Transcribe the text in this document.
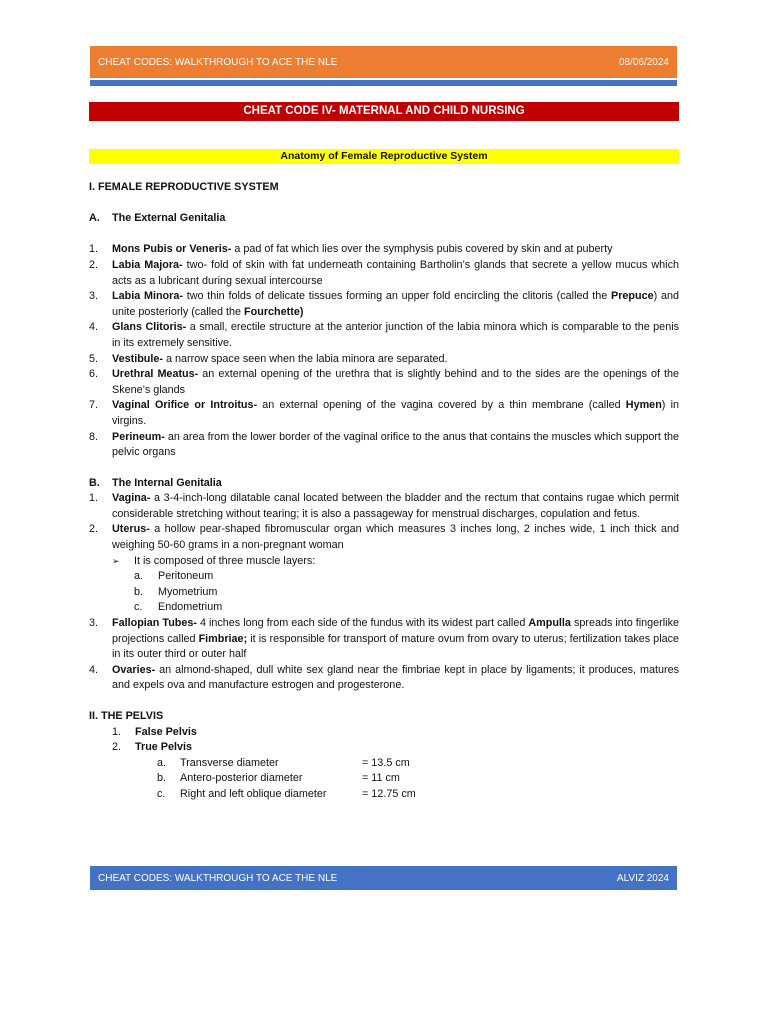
CHEAT CODES: WALKTHROUGH TO ACE THE NLE	08/06/2024
CHEAT CODE IV- MATERNAL AND CHILD NURSING
Anatomy of Female Reproductive System
I. FEMALE REPRODUCTIVE SYSTEM
A.	The External Genitalia
1.	Mons Pubis or Veneris- a pad of fat which lies over the symphysis pubis covered by skin and at puberty
2.	Labia Majora- two- fold of skin with fat underneath containing Bartholin’s glands that secrete a yellow mucus which acts as a lubricant during sexual intercourse
3.	Labia Minora- two thin folds of delicate tissues forming an upper fold encircling the clitoris (called the Prepuce) and unite posteriorly (called the Fourchette)
4.	Glans Clitoris- a small, erectile structure at the anterior junction of the labia minora which is comparable to the penis in its extremely sensitive.
5.	Vestibule- a narrow space seen when the labia minora are separated.
6.	Urethral Meatus- an external opening of the urethra that is slightly behind and to the sides are the openings of the Skene’s glands
7.	Vaginal Orifice or Introitus- an external opening of the vagina covered by a thin membrane (called Hymen) in virgins.
8.	Perineum- an area from the lower border of the vaginal orifice to the anus that contains the muscles which support the pelvic organs
B.	The Internal Genitalia
1.	Vagina- a 3-4-inch-long dilatable canal located between the bladder and the rectum that contains rugae which permit considerable stretching without tearing; it is also a passageway for menstrual discharges, copulation and fetus.
2.	Uterus- a hollow pear-shaped fibromuscular organ which measures 3 inches long, 2 inches wide, 1 inch thick and weighing 50-60 grams in a non-pregnant woman
➢	It is composed of three muscle layers:
a.	Peritoneum
b.	Myometrium
c.	Endometrium
3.	Fallopian Tubes- 4 inches long from each side of the fundus with its widest part called Ampulla spreads into fingerlike projections called Fimbriae; it is responsible for transport of mature ovum from ovary to uterus; fertilization takes place in its outer third or outer half
4.	Ovaries- an almond-shaped, dull white sex gland near the fimbriae kept in place by ligaments; it produces, matures and expels ova and manufacture estrogen and progesterone.
II. THE PELVIS
1.	False Pelvis
2.	True Pelvis
a.	Transverse diameter	= 13.5 cm
b.	Antero-posterior diameter	= 11 cm
c.	Right and left oblique diameter	= 12.75 cm
CHEAT CODES: WALKTHROUGH TO ACE THE NLE	ALVIZ 2024
